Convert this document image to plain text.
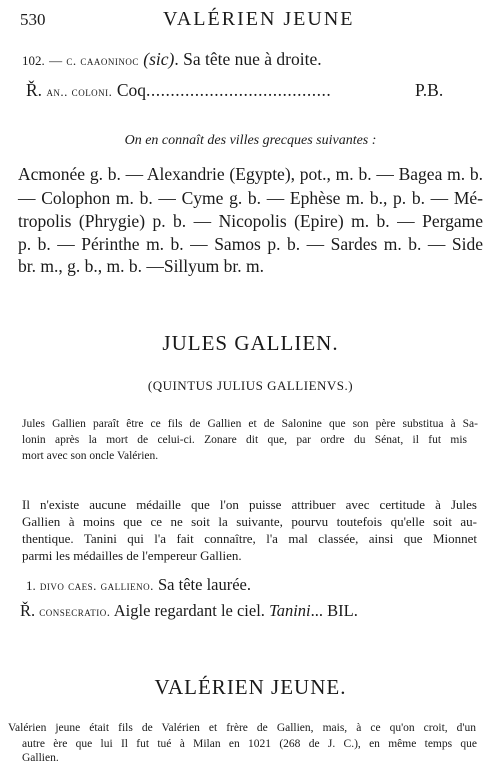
530	VALÉRIEN JEUNE
102. — c. caaoninoc (sic). Sa tête nue à droite.
Ř. an.. coloni. Coq......................................	P.B.
On en connaît des villes grecques suivantes :
Acmonée g. b. — Alexandrie (Egypte), pot., m. b. — Bagea m. b.
— Colophon m. b. — Cyme g. b. — Ephèse m. b., p. b. — Mé-
tropolis (Phrygie) p. b. — Nicopolis (Epire) m. b. — Pergame
p. b. — Périnthe m. b. — Samos p. b. — Sardes m. b. — Side
br. m., g. b., m. b. —Sillyum br. m.
JULES GALLIEN.
(QUINTUS JULIUS GALLIENVS.)
Jules Gallien paraît être ce fils de Gallien et de Salonine que son père substitua à Sa-
lonin après la mort de celui-ci. Zonare dit que, par ordre du Sénat, il fut mis
mort avec son oncle Valérien.
Il n'existe aucune médaille que l'on puisse attribuer avec certitude à Jules
Gallien à moins que ce ne soit la suivante, pourvu toutefois qu'elle soit au-
thentique. Tanini qui l'a fait connaître, l'a mal classée, ainsi que Mionnet
parmi les médailles de l'empereur Gallien.
1. divo caes. gallieno. Sa tête laurée.
Ř. consecratio. Aigle regardant le ciel. Tanini... BIL.
VALÉRIEN JEUNE.
Valérien jeune était fils de Valérien et frère de Gallien, mais, à ce qu'on croit, d'un
autre ère que lui Il fut tué à Milan en 1021 (268 de J. C.), en même temps que
Gallien.
